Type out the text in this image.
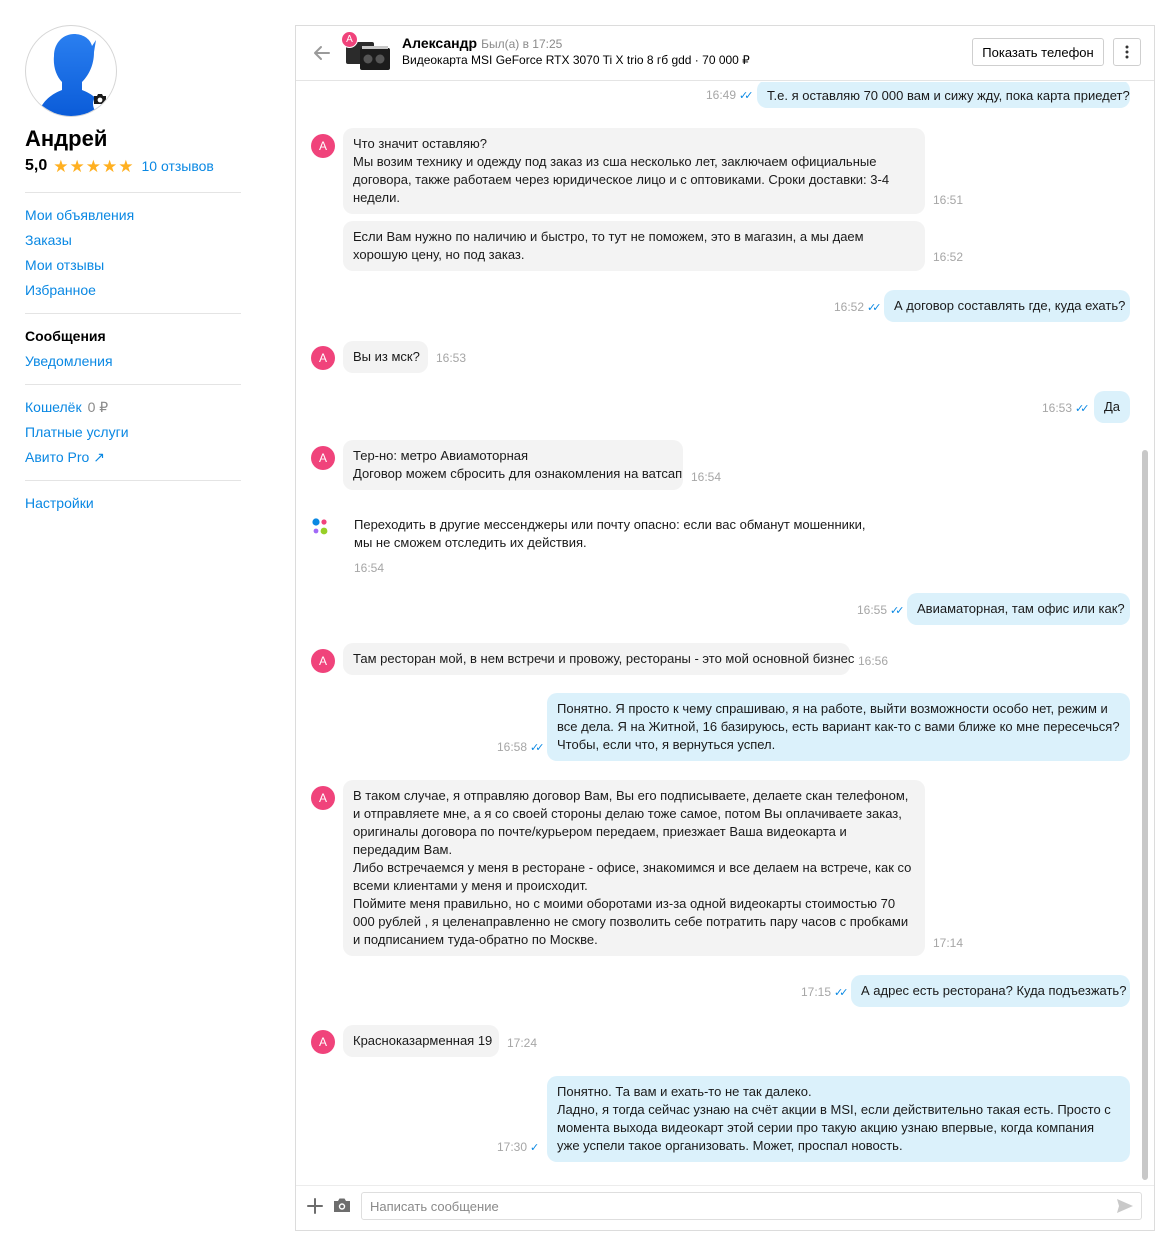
Андрей
5,0 ★ ★ ★ ★ ★ 10 отзывов
Мои объявления
Заказы
Мои отзывы
Избранное
Сообщения
Уведомления
Кошелёк 0 ₽
Платные услуги
Авито Pro ↗
Настройки
А	Александр Был(а) в 17:25
Видеокарта MSI GeForce RTX 3070 Ti X trio 8 гб gdd · 70 000 ₽
Показать телефон
Т.е. я оставляю 70 000 вам и сижу жду, пока карта приедет?
16:49 ✓✓
А	Что значит оставляю?
Мы возим технику и одежду под заказ из сша несколько лет, заключаем официальные договора, также работаем через юридическое лицо и с оптовиками. Сроки доставки: 3-4 недели.	16:51
Если Вам нужно по наличию и быстро, то тут не поможем, это в магазин, а мы даем хорошую цену, но под заказ.	16:52
А договор составлять где, куда ехать?
16:52 ✓✓
А	Вы из мск?	16:53
Да
16:53 ✓✓
А	Тер-но: метро Авиамоторная
Договор можем сбросить для ознакомления на ватсап 16:54
Переходить в другие мессенджеры или почту опасно: если вас обманут мошенники,
мы не сможем отследить их действия.
16:54
Авиаматорная, там офис или как?
16:55 ✓✓
А	Там ресторан мой, в нем встречи и провожу, рестораны - это мой основной бизнес 16:56
Понятно. Я просто к чему спрашиваю, я на работе, выйти возможности особо нет, режим и все дела. Я на Житной, 16 базируюсь, есть вариант как-то с вами ближе ко мне пересечься? Чтобы, если что, я вернуться успел.
16:58 ✓✓
А	В таком случае, я отправляю договор Вам, Вы его подписываете, делаете скан телефоном, и отправляете мне, а я со своей стороны делаю тоже самое, потом Вы оплачиваете заказ, оригиналы договора по почте/курьером передаем, приезжает Ваша видеокарта и передадим Вам.
Либо встречаемся у меня в ресторане - офисе, знакомимся и все делаем на встрече, как со всеми клиентами у меня и происходит.
Поймите меня правильно, но с моими оборотами из-за одной видеокарты стоимостью 70 000 рублей , я целенаправленно не смогу позволить себе потратить пару часов с пробками и подписанием туда-обратно по Москве.	17:14
А адрес есть ресторана? Куда подъезжать?
17:15 ✓✓
А	Красноказарменная 19	17:24
Понятно. Та вам и ехать-то не так далеко.
Ладно, я тогда сейчас узнаю на счёт акции в MSI, если действительно такая есть. Просто с момента выхода видеокарт этой серии про такую акцию узнаю впервые, когда компания уже успели такое организовать. Может, проспал новость.
17:30 ✓
Написать сообщение
